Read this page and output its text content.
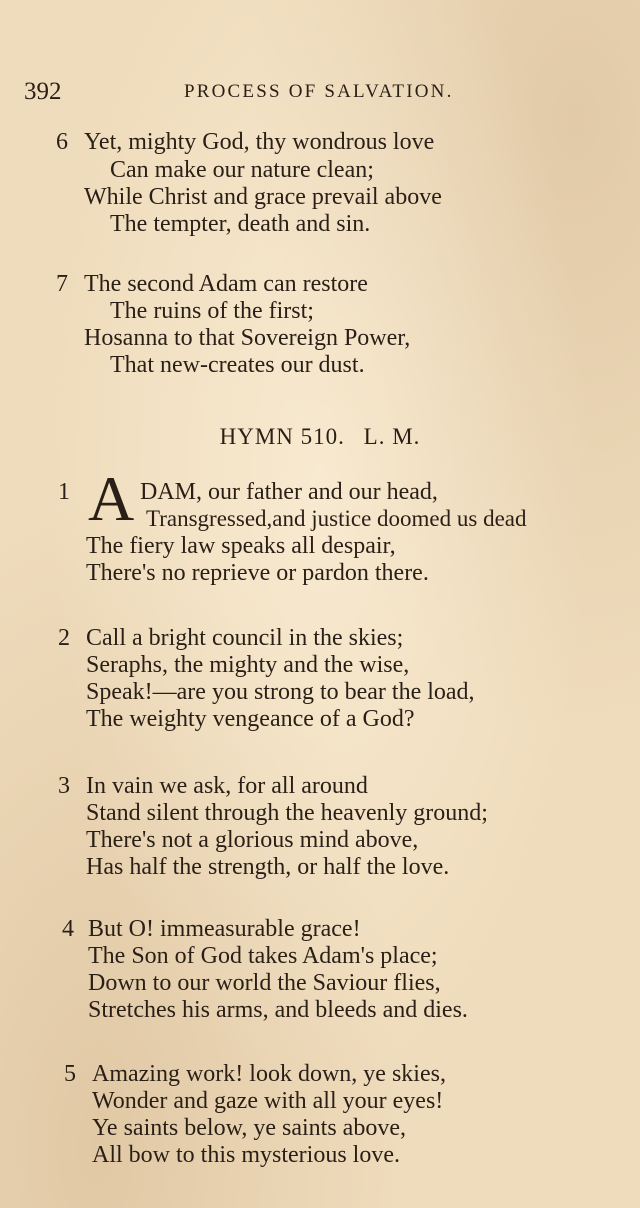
392	PROCESS OF SALVATION.
6 Yet, mighty God, thy wondrous love
Can make our nature clean;
While Christ and grace prevail above
The tempter, death and sin.
7 The second Adam can restore
The ruins of the first;
Hosanna to that Sovereign Power,
That new-creates our dust.
HYMN 510. L. M.
1 A DAM, our father and our head,
Transgressed,and justice doomed us dead
The fiery law speaks all despair,
There's no reprieve or pardon there.
2 Call a bright council in the skies;
Seraphs, the mighty and the wise,
Speak!—are you strong to bear the load,
The weighty vengeance of a God?
3 In vain we ask, for all around
Stand silent through the heavenly ground;
There's not a glorious mind above,
Has half the strength, or half the love.
4 But O! immeasurable grace!
The Son of God takes Adam's place;
Down to our world the Saviour flies,
Stretches his arms, and bleeds and dies.
5 Amazing work! look down, ye skies,
Wonder and gaze with all your eyes!
Ye saints below, ye saints above,
All bow to this mysterious love.
